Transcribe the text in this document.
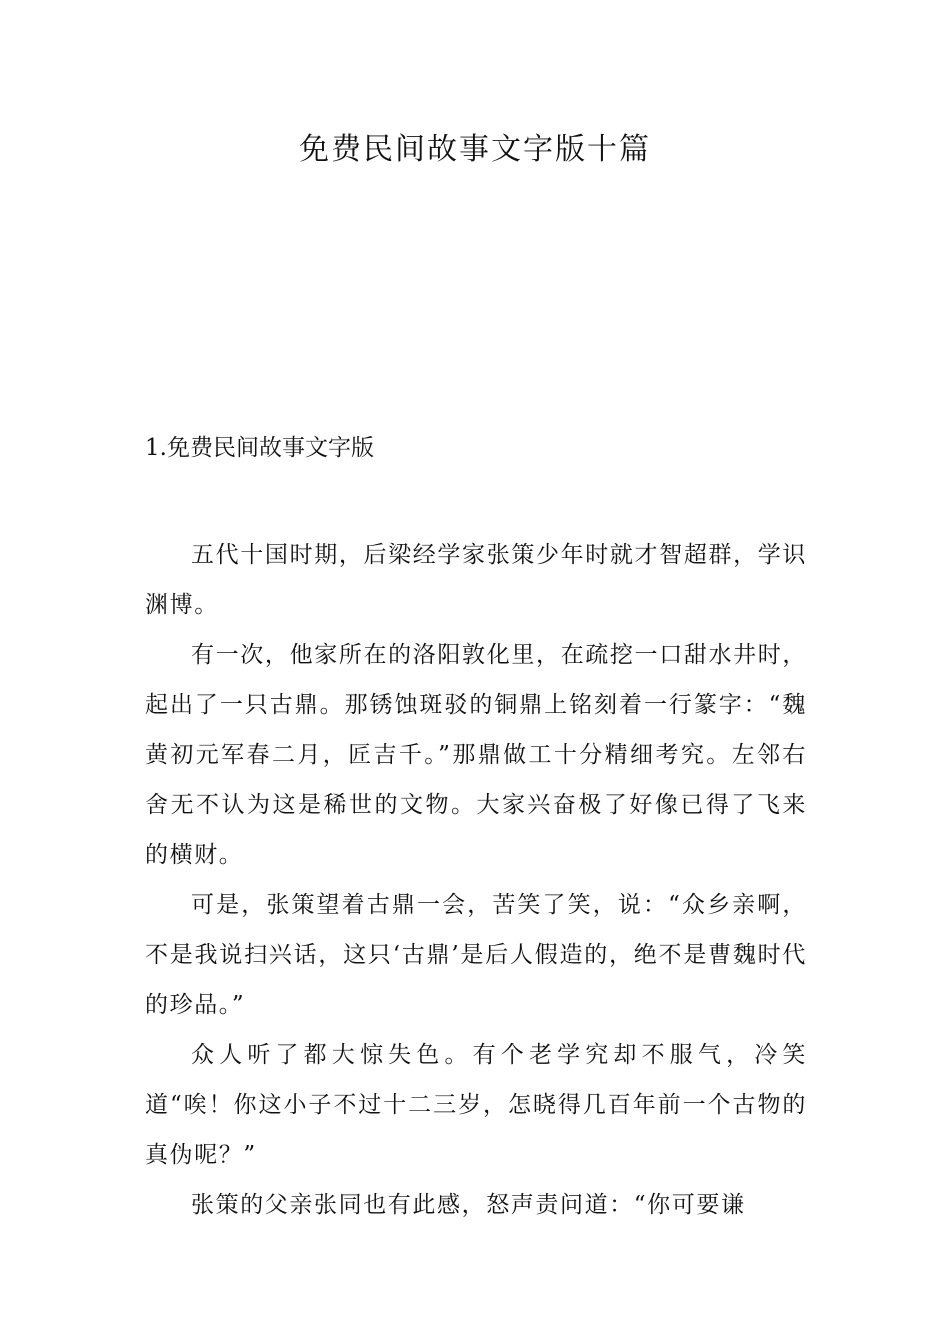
免费民间故事文字版十篇
1.免费民间故事文字版

五代十国时期，后梁经学家张策少年时就才智超群，学识渊博。

有一次，他家所在的洛阳敦化里，在疏挖一口甜水井时，起出了一只古鼎。那锈蚀斑驳的铜鼎上铭刻着一行篆字：“魏黄初元军春二月，匠吉千。”那鼎做工十分精细考究。左邻右舍无不认为这是稀世的文物。大家兴奋极了好像已得了飞来的横财。

可是，张策望着古鼎一会，苦笑了笑，说：“众乡亲啊，不是我说扫兴话，这只‘古鼎’是后人假造的，绝不是曹魏时代的珍品。”

众人听了都大惊失色。有个老学究却不服气，冷笑道“唉！你这小子不过十二三岁，怎晓得几百年前一个古物的真伪呢？”

张策的父亲张同也有此感，怒声责问道：“你可要谦
